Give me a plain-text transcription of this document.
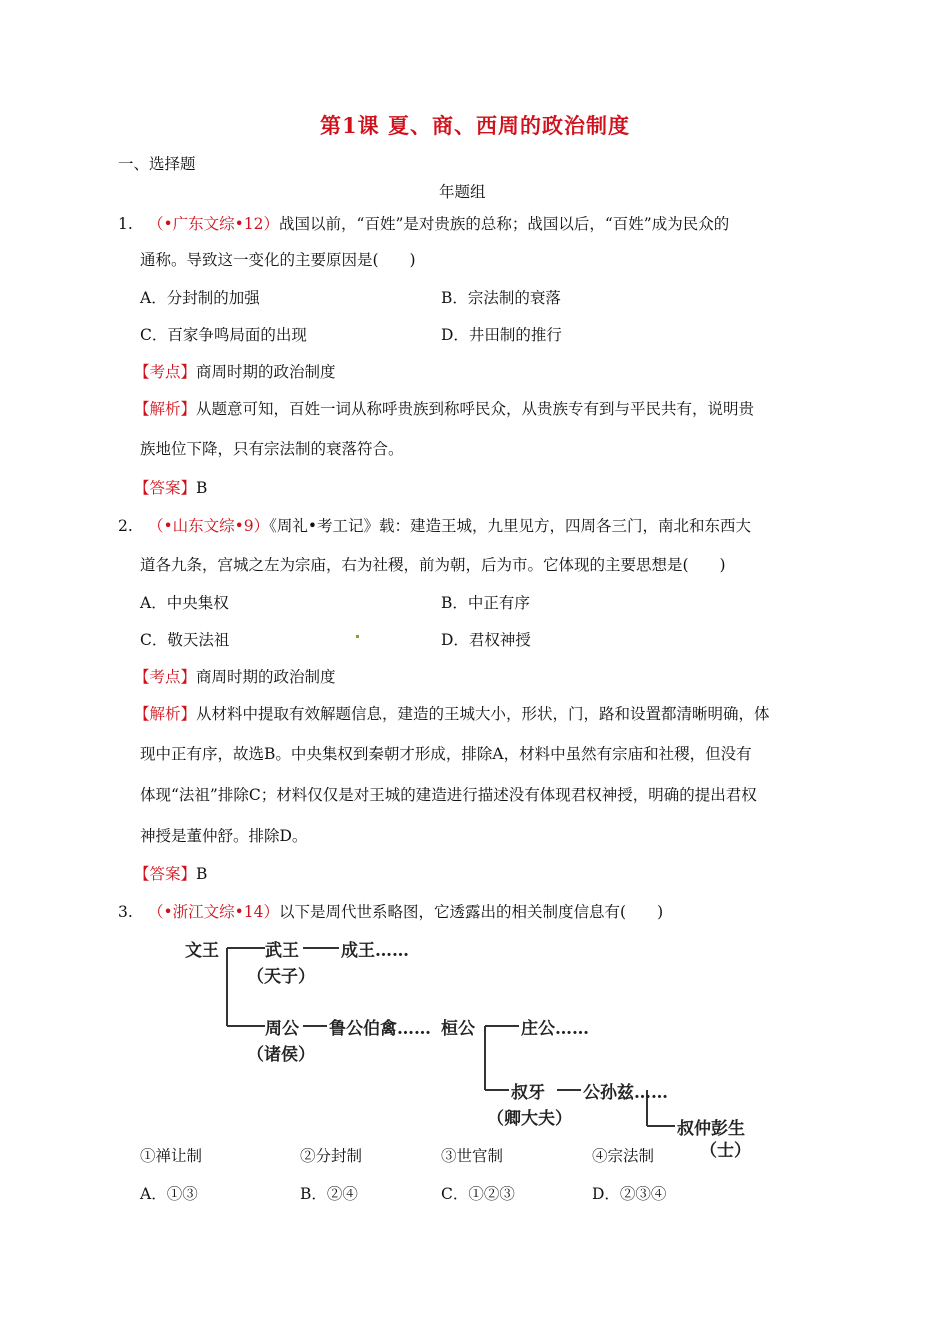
第1课 夏、商、西周的政治制度
一、选择题
年题组
1. （•广东文综•12）战国以前，“百姓”是对贵族的总称；战国以后，“百姓”成为民众的
通称。导致这一变化的主要原因是(　　)
A．分封制的加强	B．宗法制的衰落
C．百家争鸣局面的出现	D．井田制的推行
【考点】商周时期的政治制度
【解析】从题意可知，百姓一词从称呼贵族到称呼民众，从贵族专有到与平民共有，说明贵
族地位下降，只有宗法制的衰落符合。
【答案】B
2. （•山东文综•9）《周礼•考工记》载：建造王城，九里见方，四周各三门，南北和东西大
道各九条，宫城之左为宗庙，右为社稷，前为朝，后为市。它体现的主要思想是(　　)
A．中央集权	B．中正有序
C．敬天法祖	D．君权神授
【考点】商周时期的政治制度
【解析】从材料中提取有效解题信息，建造的王城大小，形状，门，路和设置都清晰明确，体
现中正有序，故选B。中央集权到秦朝才形成，排除A，材料中虽然有宗庙和社稷，但没有
体现“法祖”排除C；材料仅仅是对王城的建造进行描述没有体现君权神授，明确的提出君权
神授是董仲舒。排除D。
【答案】B
3. （•浙江文综•14）以下是周代世系略图，它透露出的相关制度信息有(　　)
文王	武王 成王……
（天子）
周公
（诸侯）
鲁公伯禽…… 桓公	庄公……
叔牙
（卿大夫）
公孙兹……
叔仲彭生
（士）
①禅让制	②分封制	③世官制	④宗法制
A．①③	B．②④	C．①②③	D．②③④
